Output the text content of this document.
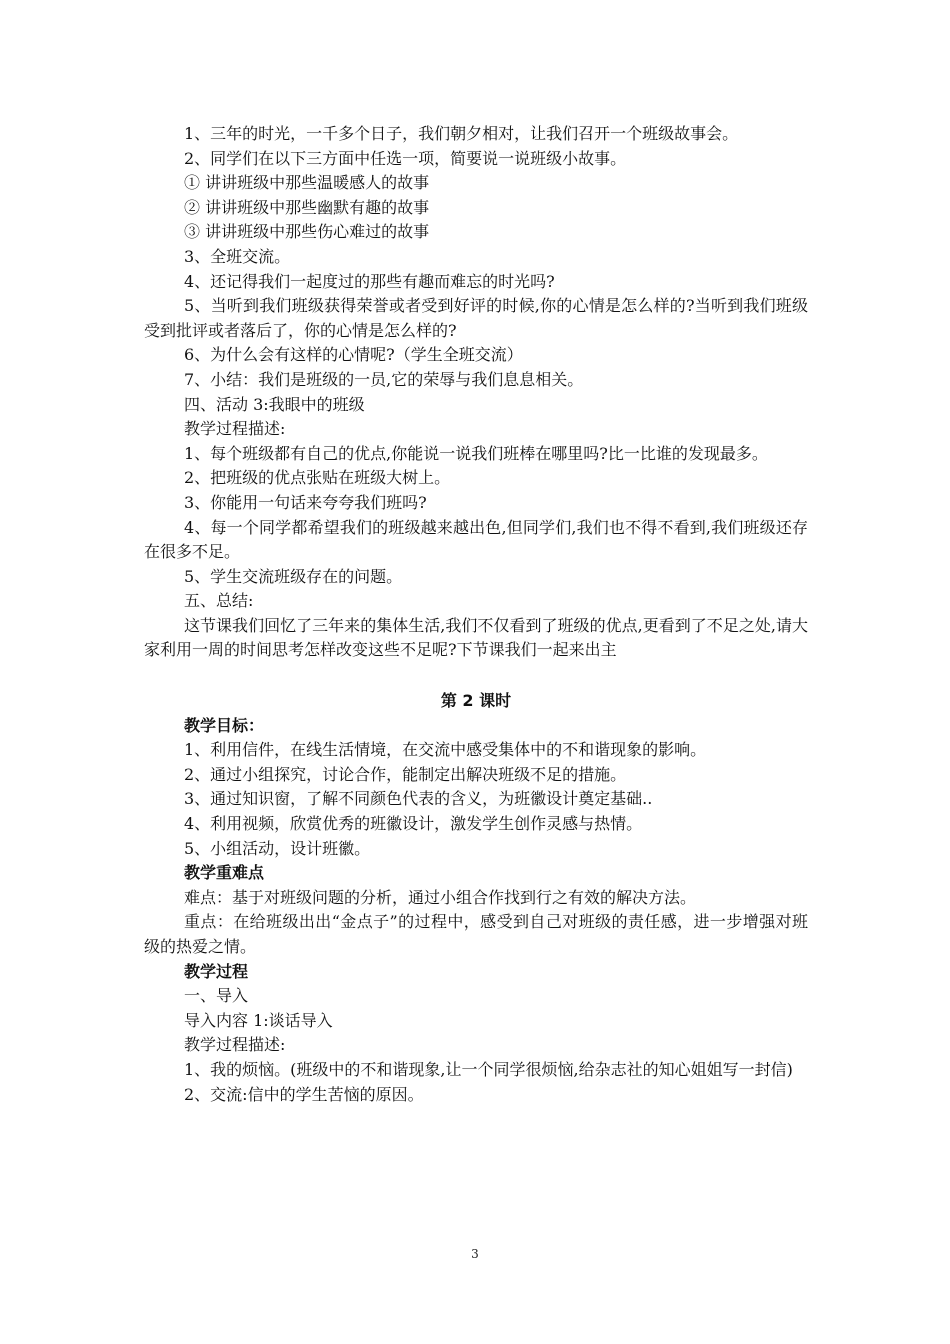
1、三年的时光，一千多个日子，我们朝夕相对，让我们召开一个班级故事会。

2、同学们在以下三方面中任选一项，简要说一说班级小故事。

① 讲讲班级中那些温暖感人的故事

② 讲讲班级中那些幽默有趣的故事

③ 讲讲班级中那些伤心难过的故事

3、全班交流。

4、还记得我们一起度过的那些有趣而难忘的时光吗?

5、当听到我们班级获得荣誉或者受到好评的时候,你的心情是怎么样的?当听到我们班级受到批评或者落后了，你的心情是怎么样的?

6、为什么会有这样的心情呢?（学生全班交流）

7、小结：我们是班级的一员,它的荣辱与我们息息相关。

四、活动 3:我眼中的班级

教学过程描述:

1、每个班级都有自己的优点,你能说一说我们班棒在哪里吗?比一比谁的发现最多。

2、把班级的优点张贴在班级大树上。

3、你能用一句话来夸夸我们班吗?

4、每一个同学都希望我们的班级越来越出色,但同学们,我们也不得不看到,我们班级还存在很多不足。

5、学生交流班级存在的问题。

五、总结:

这节课我们回忆了三年来的集体生活,我们不仅看到了班级的优点,更看到了不足之处,请大家利用一周的时间思考怎样改变这些不足呢?下节课我们一起来出主

第 2 课时

教学目标：

1、利用信件，在线生活情境，在交流中感受集体中的不和谐现象的影响。

2、通过小组探究，讨论合作，能制定出解决班级不足的措施。

3、通过知识窗，了解不同颜色代表的含义，为班徽设计奠定基础..

4、利用视频，欣赏优秀的班徽设计，激发学生创作灵感与热情。

5、小组活动，设计班徽。

教学重难点

难点：基于对班级问题的分析，通过小组合作找到行之有效的解决方法。

重点：在给班级出出“金点子”的过程中，感受到自己对班级的责任感，进一步增强对班级的热爱之情。

教学过程

一、导入

导入内容 1:谈话导入

教学过程描述:

1、我的烦恼。(班级中的不和谐现象,让一个同学很烦恼,给杂志社的知心姐姐写一封信)

2、交流:信中的学生苦恼的原因。

3
